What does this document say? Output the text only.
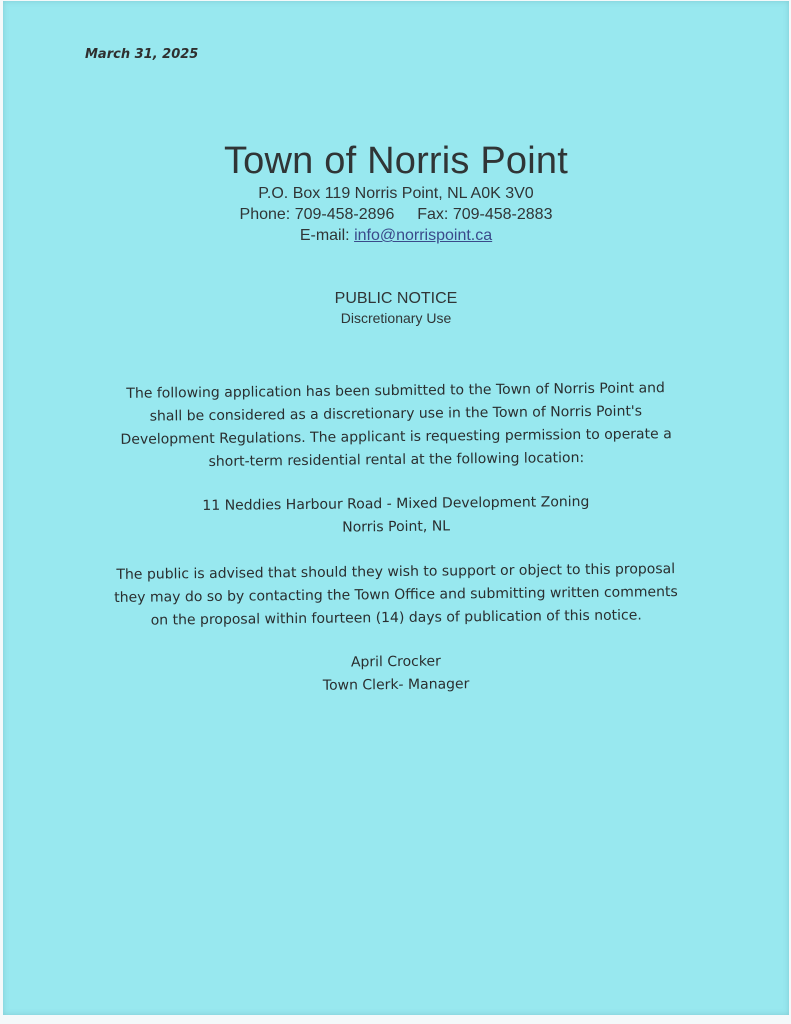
March 31, 2025
Town of Norris Point
P.O. Box 119 Norris Point, NL A0K 3V0
Phone: 709-458-2896 Fax: 709-458-2883
E-mail: info@norrispoint.ca
PUBLIC NOTICE
Discretionary Use
The following application has been submitted to the Town of Norris Point and
shall be considered as a discretionary use in the Town of Norris Point's
Development Regulations. The applicant is requesting permission to operate a
short-term residential rental at the following location:
11 Neddies Harbour Road - Mixed Development Zoning
Norris Point, NL
The public is advised that should they wish to support or object to this proposal
they may do so by contacting the Town Office and submitting written comments
on the proposal within fourteen (14) days of publication of this notice.
April Crocker
Town Clerk- Manager
